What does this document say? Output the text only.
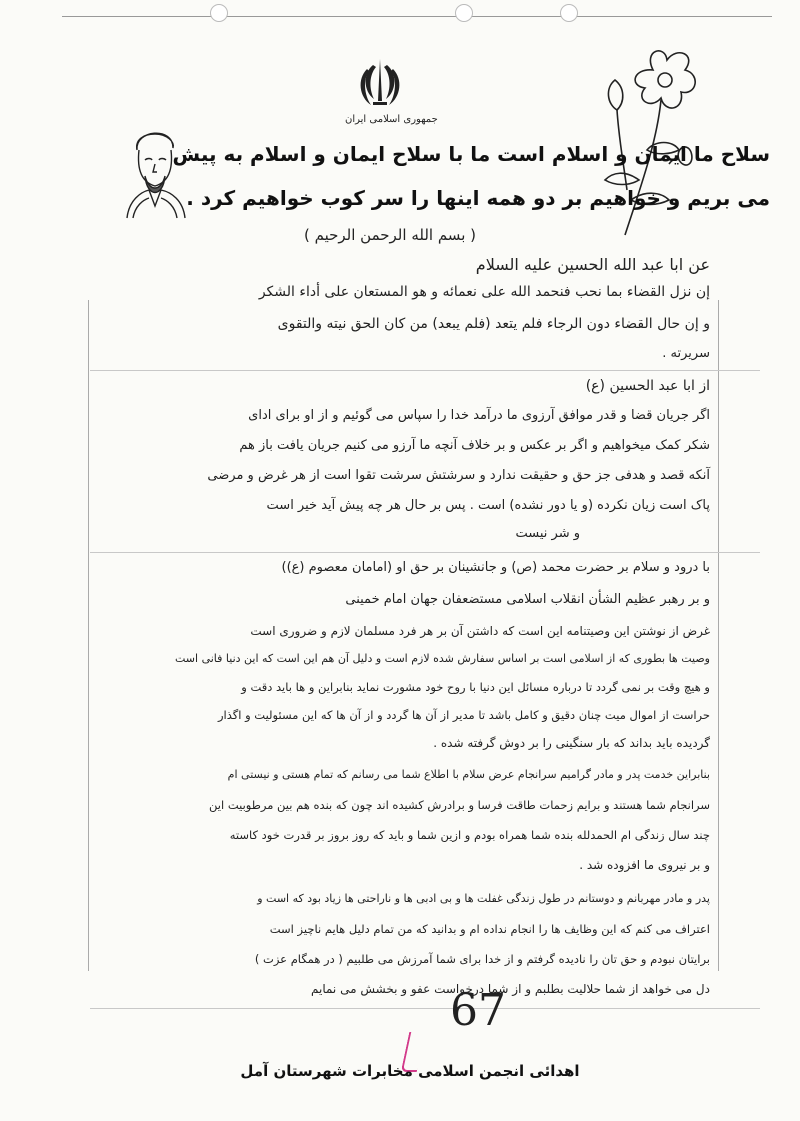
جمهوری اسلامی ایران
سلاح ما ایمان و اسلام است ما با سلاح ایمان و اسلام به پیش
می بریم و خواهیم بر دو همه اینها را سر کوب خواهیم کرد .
( بسم الله الرحمن الرحيم )
عن ابا عبد الله الحسين عليه السلام
إن نزل القضاء بما نحب فنحمد الله على نعمائه و هو المستعان على أداء الشكر
و إن حال القضاء دون الرجاء فلم يتعد (فلم يبعد) من كان الحق نيته والتقوى
سريرته .
از ابا عبد الحسین (ع)
اگر جریان قضا و قدر موافق آرزوی ما درآمد خدا را سپاس می گوئیم و از او برای ادای
شکر کمک میخواهیم و اگر بر عکس و بر خلاف آنچه ما آرزو می کنیم جریان یافت باز هم
آنکه قصد و هدفی جز حق و حقیقت ندارد و سرشتش سرشت تقوا است از هر غرض و مرضی
پاک است زیان نکرده (و یا دور نشده) است . پس بر حال هر چه پیش آید خیر است
و شر نیست
با درود و سلام بر حضرت محمد (ص) و جانشینان بر حق او (امامان معصوم (ع))
و بر رهبر عظیم الشأن انقلاب اسلامی مستضعفان جهان امام خمینی
غرض از نوشتن این وصیتنامه این است که داشتن آن بر هر فرد مسلمان لازم و ضروری است
وصیت ها بطوری که از اسلامی است بر اساس سفارش شده لازم است و دلیل آن هم این است که این دنیا فانی است
و هیچ وقت بر نمی گردد تا درباره مسائل این دنیا با روح خود مشورت نماید بنابراین و ها باید دقت و
حراست از اموال میت چنان دقیق و کامل باشد تا مدیر از آن ها گردد و از آن ها که این مسئولیت و اگذار
گردیده باید بداند که بار سنگینی را بر دوش گرفته شده .
بنابراین خدمت پدر و مادر گرامیم سرانجام عرض سلام با اطلاع شما می رسانم که تمام هستی و نیستی ام
سرانجام شما هستند و برایم زحمات طاقت فرسا و برادرش کشیده اند چون که بنده هم بین مرطوبیت این
چند سال زندگی ام الحمدلله بنده شما همراه بودم و ازین شما و باید که روز بروز بر قدرت خود کاسته
و بر نیروی ما افزوده شد .
پدر و مادر مهربانم و دوستانم در طول زندگی غفلت ها و بی ادبی ها و ناراحتی ها زیاد بود که است و
اعتراف می کنم که این وظایف ها را انجام نداده ام و بدانید که من تمام دلیل هایم ناچیز است
برایتان نبودم و حق تان را نادیده گرفتم و از خدا برای شما آمرزش می طلبیم ( در همگام عزت )
دل می خواهد از شما حلالیت بطلبم و از شما درخواست عفو و بخشش می نمایم
67
اهدائی انجمن اسلامی مخابرات شهرستان آمل
